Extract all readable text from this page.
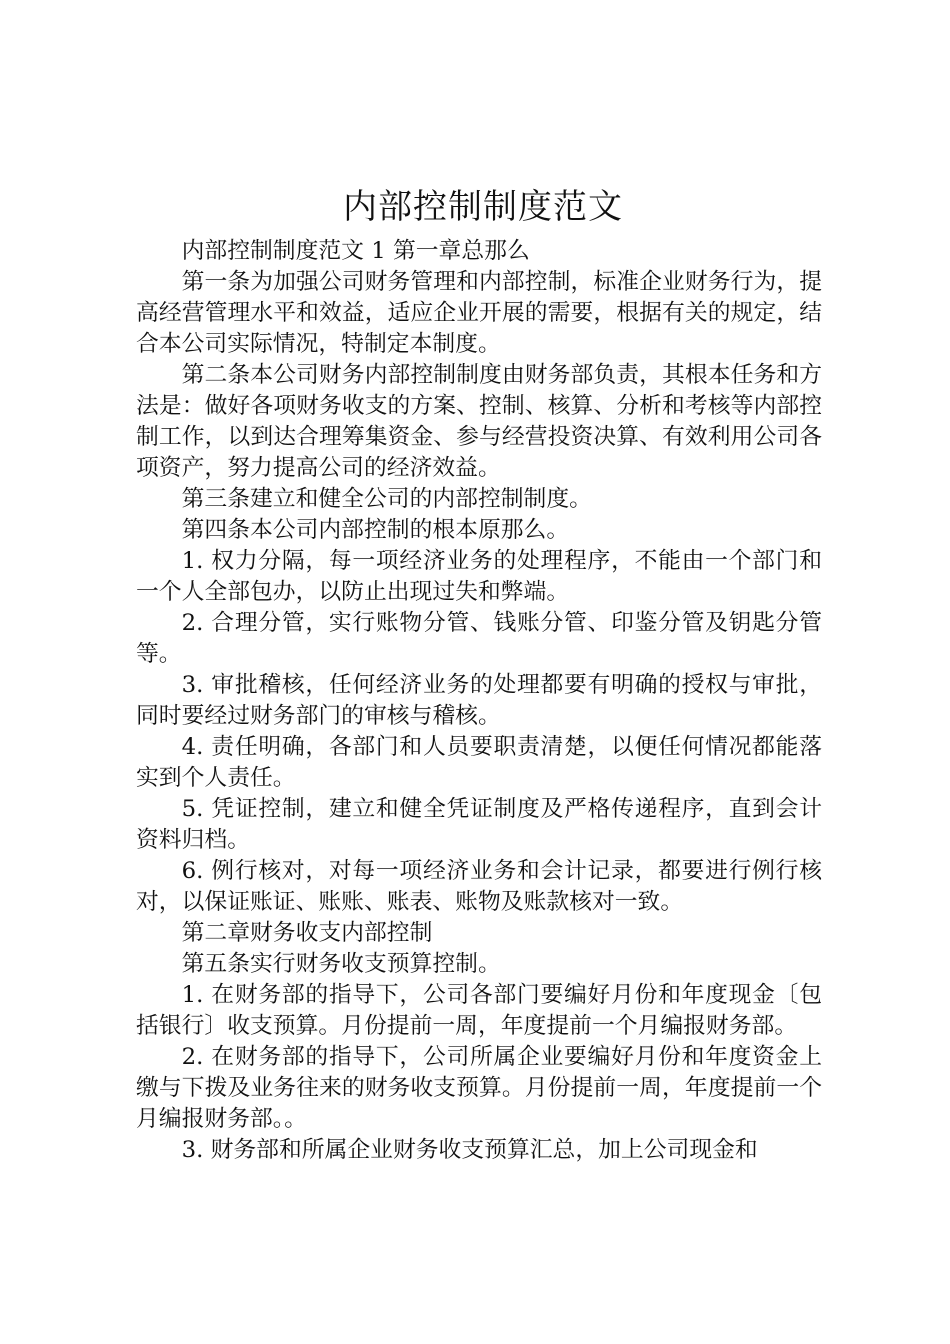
内部控制制度范文

内部控制制度范文 1 第一章总那么

第一条为加强公司财务管理和内部控制，标准企业财务行为，提高经营管理水平和效益，适应企业开展的需要，根据有关的规定，结合本公司实际情况，特制定本制度。

第二条本公司财务内部控制制度由财务部负责，其根本任务和方法是：做好各项财务收支的方案、控制、核算、分析和考核等内部控制工作，以到达合理筹集资金、参与经营投资决算、有效利用公司各项资产，努力提高公司的经济效益。

第三条建立和健全公司的内部控制制度。

第四条本公司内部控制的根本原那么。

1. 权力分隔，每一项经济业务的处理程序，不能由一个部门和一个人全部包办，以防止出现过失和弊端。

2. 合理分管，实行账物分管、钱账分管、印鉴分管及钥匙分管等。

3. 审批稽核，任何经济业务的处理都要有明确的授权与审批，同时要经过财务部门的审核与稽核。

4. 责任明确，各部门和人员要职责清楚，以便任何情况都能落实到个人责任。

5. 凭证控制，建立和健全凭证制度及严格传递程序，直到会计资料归档。

6. 例行核对，对每一项经济业务和会计记录，都要进行例行核对，以保证账证、账账、账表、账物及账款核对一致。

第二章财务收支内部控制

第五条实行财务收支预算控制。

1. 在财务部的指导下，公司各部门要编好月份和年度现金〔包括银行〕收支预算。月份提前一周，年度提前一个月编报财务部。

2. 在财务部的指导下，公司所属企业要编好月份和年度资金上缴与下拨及业务往来的财务收支预算。月份提前一周，年度提前一个月编报财务部。。

3. 财务部和所属企业财务收支预算汇总，加上公司现金和
